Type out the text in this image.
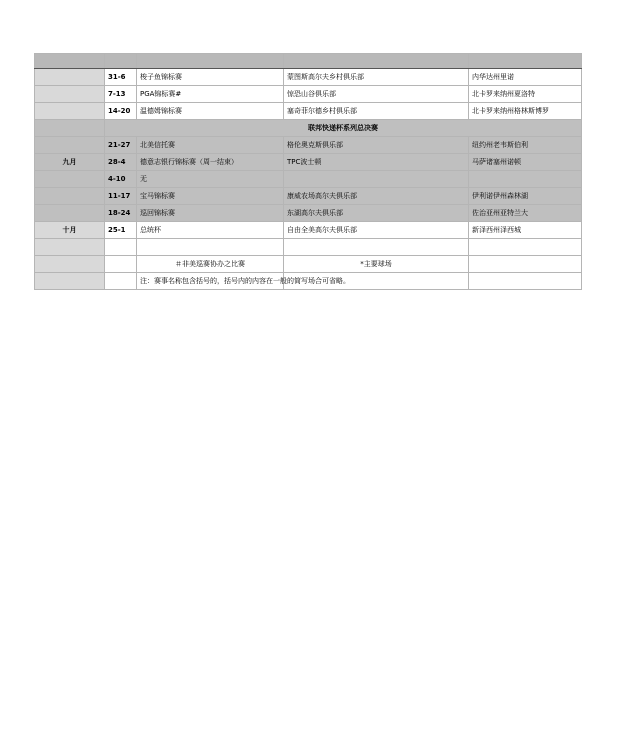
	31-6	梭子鱼锦标赛	蒙图斯高尔夫乡村俱乐部	内华达州里诺
	7-13	PGA锦标赛#	惊恐山谷俱乐部	北卡罗来纳州夏洛特
	14-20	温德姆锦标赛	塞奇菲尔德乡村俱乐部	北卡罗来纳州格林斯博罗
	联邦快递杯系列总决赛			
	21-27	北美信托赛	格伦奥克斯俱乐部	纽约州老韦斯伯利
九月	28-4	德意志银行锦标赛（周一结束）	TPC波士顿	马萨诸塞州诺顿
	4-10	无		
	11-17	宝马锦标赛	康威农场高尔夫俱乐部	伊利诺伊州森林湖
	18-24	巡回锦标赛	东湖高尔夫俱乐部	佐治亚州亚特兰大
十月	25-1	总统杯	自由全美高尔夫俱乐部	新泽西州泽西城

		＃非美巡赛协办之比赛	*主要球场	
		注：赛事名称包含括号的，括号内的内容在一般的简写场合可省略。		
